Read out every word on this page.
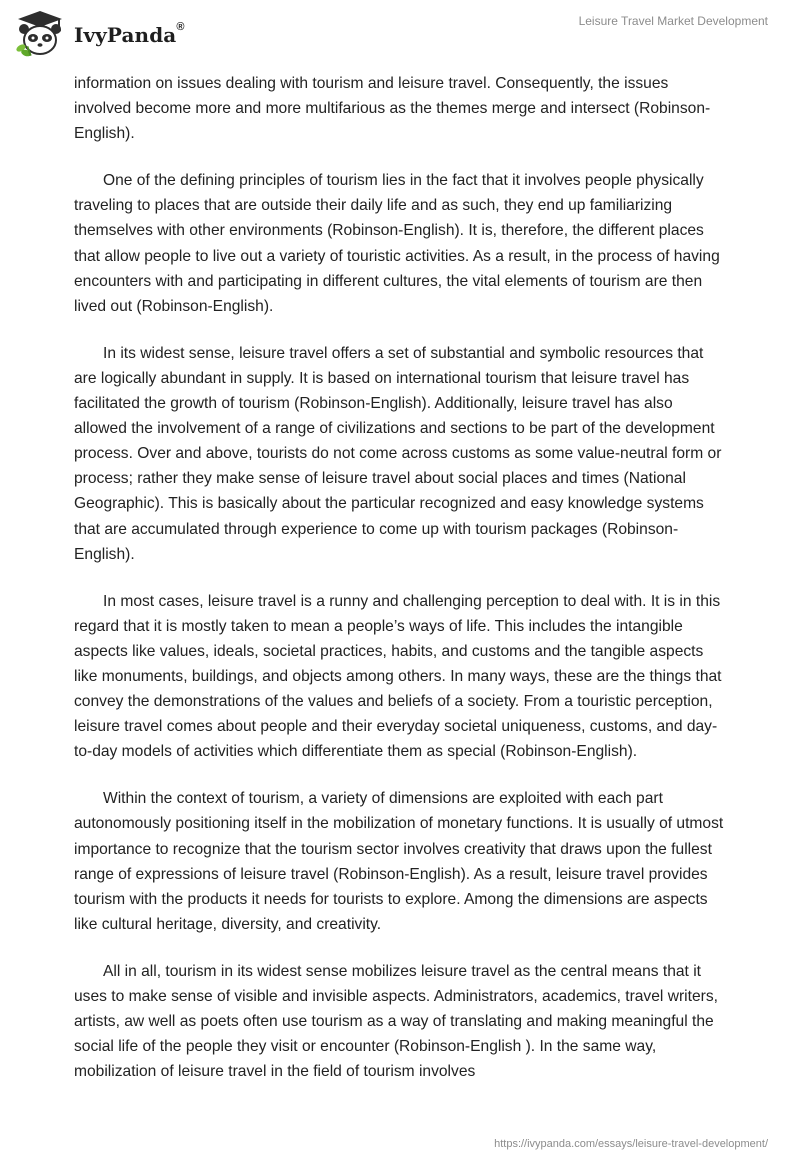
IvyPanda®	Leisure Travel Market Development

information on issues dealing with tourism and leisure travel. Consequently, the issues involved become more and more multifarious as the themes merge and intersect (Robinson-English).

One of the defining principles of tourism lies in the fact that it involves people physically traveling to places that are outside their daily life and as such, they end up familiarizing themselves with other environments (Robinson-English). It is, therefore, the different places that allow people to live out a variety of touristic activities. As a result, in the process of having encounters with and participating in different cultures, the vital elements of tourism are then lived out (Robinson-English).

In its widest sense, leisure travel offers a set of substantial and symbolic resources that are logically abundant in supply. It is based on international tourism that leisure travel has facilitated the growth of tourism (Robinson-English). Additionally, leisure travel has also allowed the involvement of a range of civilizations and sections to be part of the development process. Over and above, tourists do not come across customs as some value-neutral form or process; rather they make sense of leisure travel about social places and times (National Geographic). This is basically about the particular recognized and easy knowledge systems that are accumulated through experience to come up with tourism packages (Robinson-English).

In most cases, leisure travel is a runny and challenging perception to deal with. It is in this regard that it is mostly taken to mean a people’s ways of life. This includes the intangible aspects like values, ideals, societal practices, habits, and customs and the tangible aspects like monuments, buildings, and objects among others. In many ways, these are the things that convey the demonstrations of the values and beliefs of a society. From a touristic perception, leisure travel comes about people and their everyday societal uniqueness, customs, and day-to-day models of activities which differentiate them as special (Robinson-English).

Within the context of tourism, a variety of dimensions are exploited with each part autonomously positioning itself in the mobilization of monetary functions. It is usually of utmost importance to recognize that the tourism sector involves creativity that draws upon the fullest range of expressions of leisure travel (Robinson-English). As a result, leisure travel provides tourism with the products it needs for tourists to explore. Among the dimensions are aspects like cultural heritage, diversity, and creativity.

All in all, tourism in its widest sense mobilizes leisure travel as the central means that it uses to make sense of visible and invisible aspects. Administrators, academics, travel writers, artists, aw well as poets often use tourism as a way of translating and making meaningful the social life of the people they visit or encounter (Robinson-English ). In the same way, mobilization of leisure travel in the field of tourism involves

https://ivypanda.com/essays/leisure-travel-development/
